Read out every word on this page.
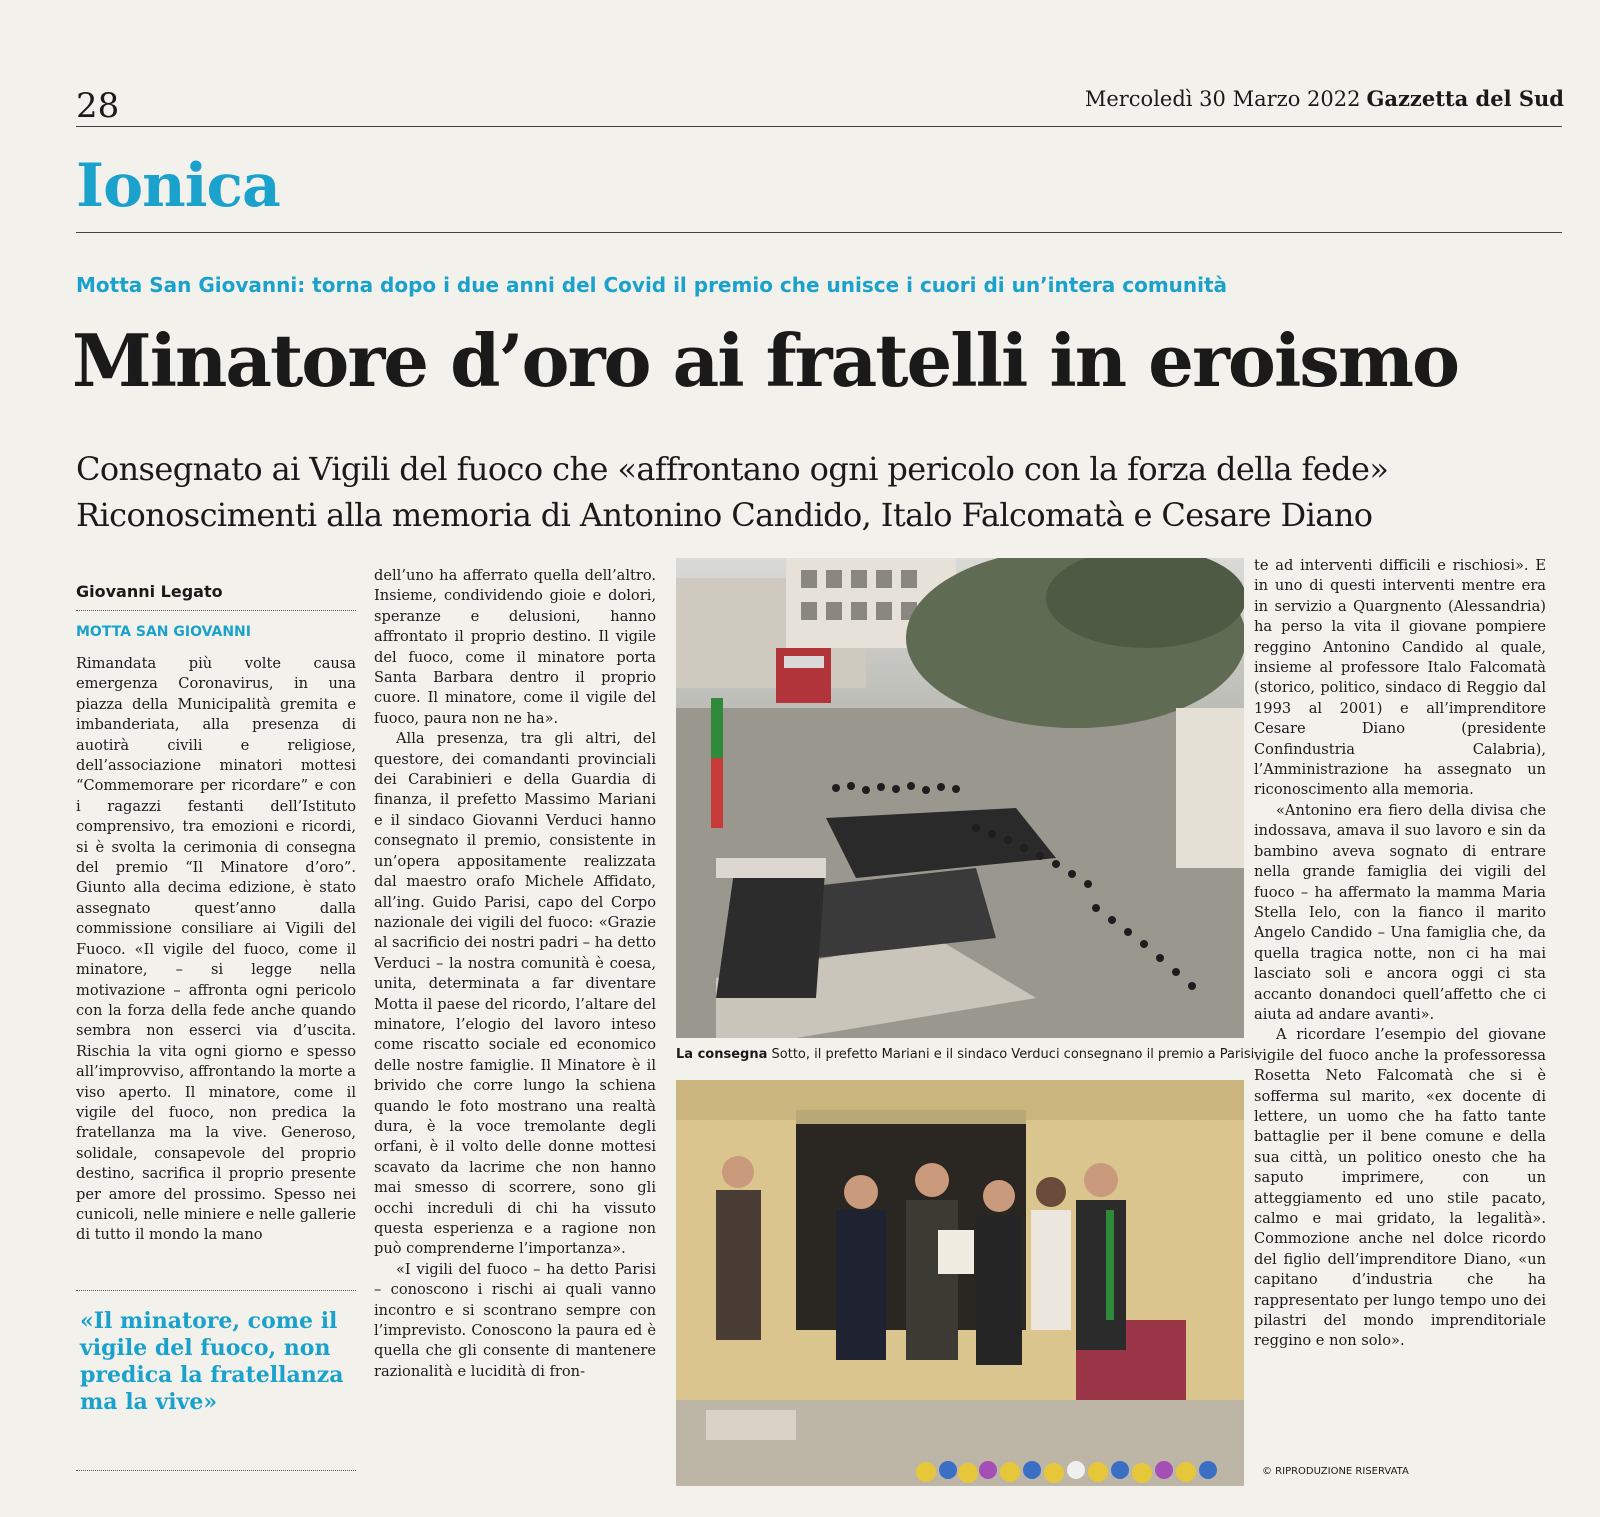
28	Mercoledì 30 Marzo 2022 Gazzetta del Sud
Ionica
Motta San Giovanni: torna dopo i due anni del Covid il premio che unisce i cuori di un’intera comunità
Minatore d’oro ai fratelli in eroismo
Consegnato ai Vigili del fuoco che «affrontano ogni pericolo con la forza della fede»
Riconoscimenti alla memoria di Antonino Candido, Italo Falcomatà e Cesare Diano
Giovanni Legato
MOTTA SAN GIOVANNI

Rimandata più volte causa emergenza Coronavirus, in una piazza della Municipalità gremita e imbanderiata, alla presenza di auotirà civili e religiose, dell’associazione minatori mottesi “Commemorare per ricordare” e con i ragazzi festanti dell’Istituto comprensivo, tra emozioni e ricordi, si è svolta la cerimonia di consegna del premio “Il Minatore d’oro”. Giunto alla decima edizione, è stato assegnato quest’anno dalla commissione consiliare ai Vigili del Fuoco. «Il vigile del fuoco, come il minatore, – si legge nella motivazione – affronta ogni pericolo con la forza della fede anche quando sembra non esserci via d’uscita. Rischia la vita ogni giorno e spesso all’improvviso, affrontando la morte a viso aperto. Il minatore, come il vigile del fuoco, non predica la fratellanza ma la vive. Generoso, solidale, consapevole del proprio destino, sacrifica il proprio presente per amore del prossimo. Spesso nei cunicoli, nelle miniere e nelle gallerie di tutto il mondo la mano

«Il minatore, come il vigile del fuoco, non predica la fratellanza ma la vive»

dell’uno ha afferrato quella dell’altro. Insieme, condividendo gioie e dolori, speranze e delusioni, hanno affrontato il proprio destino. Il vigile del fuoco, come il minatore porta Santa Barbara dentro il proprio cuore. Il minatore, come il vigile del fuoco, paura non ne ha».

Alla presenza, tra gli altri, del questore, dei comandanti provinciali dei Carabinieri e della Guardia di finanza, il prefetto Massimo Mariani e il sindaco Giovanni Verduci hanno consegnato il premio, consistente in un’opera appositamente realizzata dal maestro orafo Michele Affidato, all’ing. Guido Parisi, capo del Corpo nazionale dei vigili del fuoco: «Grazie al sacrificio dei nostri padri – ha detto Verduci – la nostra comunità è coesa, unita, determinata a far diventare Motta il paese del ricordo, l’altare del minatore, l’elogio del lavoro inteso come riscatto sociale ed economico delle nostre famiglie. Il Minatore è il brivido che corre lungo la schiena quando le foto mostrano una realtà dura, è la voce tremolante degli orfani, è il volto delle donne mottesi scavato da lacrime che non hanno mai smesso di scorrere, sono gli occhi increduli di chi ha vissuto questa esperienza e a ragione non può comprenderne l’importanza».

«I vigili del fuoco – ha detto Parisi – conoscono i rischi ai quali vanno incontro e si scontrano sempre con l’imprevisto. Conoscono la paura ed è quella che gli consente di mantenere razionalità e lucidità di fron-

La consegna Sotto, il prefetto Mariani e il sindaco Verduci consegnano il premio a Parisi

te ad interventi difficili e rischiosi». E in uno di questi interventi mentre era in servizio a Quargnento (Alessandria) ha perso la vita il giovane pompiere reggino Antonino Candido al quale, insieme al professore Italo Falcomatà (storico, politico, sindaco di Reggio dal 1993 al 2001) e all’imprenditore Cesare Diano (presidente Confindustria Calabria), l’Amministrazione ha assegnato un riconoscimento alla memoria.

«Antonino era fiero della divisa che indossava, amava il suo lavoro e sin da bambino aveva sognato di entrare nella grande famiglia dei vigili del fuoco – ha affermato la mamma Maria Stella Ielo, con la fianco il marito Angelo Candido – Una famiglia che, da quella tragica notte, non ci ha mai lasciato soli e ancora oggi ci sta accanto donandoci quell’affetto che ci aiuta ad andare avanti».

A ricordare l’esempio del giovane vigile del fuoco anche la professoressa Rosetta Neto Falcomatà che si è sofferma sul marito, «ex docente di lettere, un uomo che ha fatto tante battaglie per il bene comune e della sua città, un politico onesto che ha saputo imprimere, con un atteggiamento ed uno stile pacato, calmo e mai gridato, la legalità». Commozione anche nel dolce ricordo del figlio dell’imprenditore Diano, «un capitano d’industria che ha rappresentato per lungo tempo uno dei pilastri del mondo imprenditoriale reggino e non solo».

© RIPRODUZIONE RISERVATA
